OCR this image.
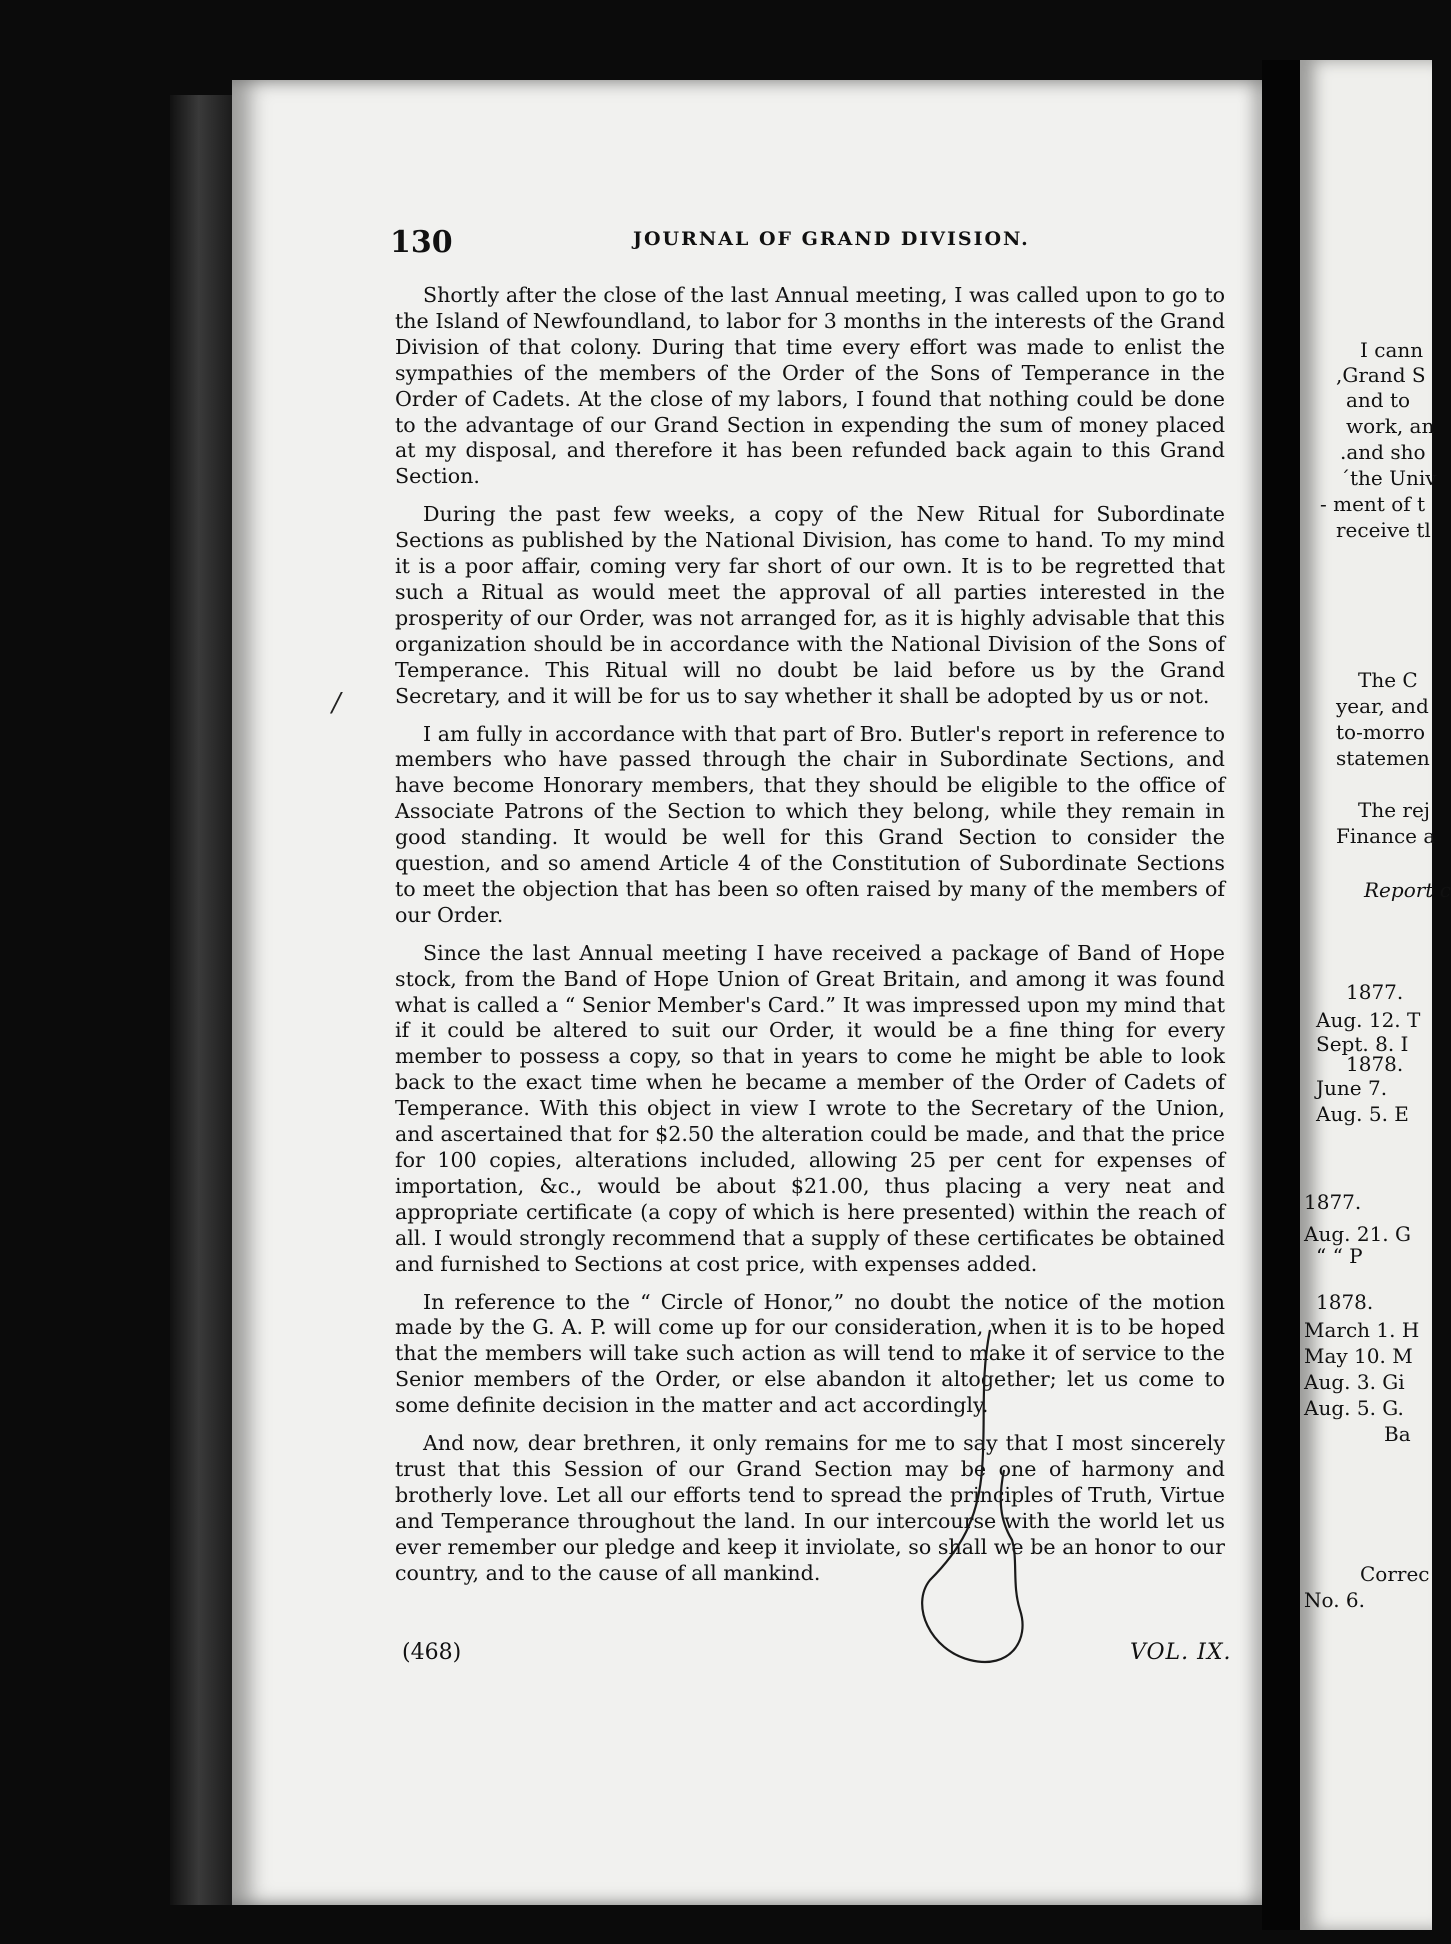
130	JOURNAL OF GRAND DIVISION.
/

Shortly after the close of the last Annual meeting, I was called upon to go to the Island of Newfoundland, to labor for 3 months in the interests of the Grand Division of that colony. During that time every effort was made to enlist the sympathies of the members of the Order of the Sons of Temperance in the Order of Cadets. At the close of my labors, I found that nothing could be done to the advantage of our Grand Section in expending the sum of money placed at my disposal, and therefore it has been refunded back again to this Grand Section.

During the past few weeks, a copy of the New Ritual for Subordinate Sections as published by the National Division, has come to hand. To my mind it is a poor affair, coming very far short of our own. It is to be regretted that such a Ritual as would meet the approval of all parties interested in the prosperity of our Order, was not arranged for, as it is highly advisable that this organization should be in accordance with the National Division of the Sons of Temperance. This Ritual will no doubt be laid before us by the Grand Secretary, and it will be for us to say whether it shall be adopted by us or not.

I am fully in accordance with that part of Bro. Butler's report in reference to members who have passed through the chair in Subordinate Sections, and have become Honorary members, that they should be eligible to the office of Associate Patrons of the Section to which they belong, while they remain in good standing. It would be well for this Grand Section to consider the question, and so amend Article 4 of the Constitution of Subordinate Sections to meet the objection that has been so often raised by many of the members of our Order.

Since the last Annual meeting I have received a package of Band of Hope stock, from the Band of Hope Union of Great Britain, and among it was found what is called a “ Senior Member's Card.” It was impressed upon my mind that if it could be altered to suit our Order, it would be a fine thing for every member to possess a copy, so that in years to come he might be able to look back to the exact time when he became a member of the Order of Cadets of Temperance. With this object in view I wrote to the Secretary of the Union, and ascertained that for $2.50 the alteration could be made, and that the price for 100 copies, alterations included, allowing 25 per cent for expenses of importation, &c., would be about $21.00, thus placing a very neat and appropriate certificate (a copy of which is here presented) within the reach of all. I would strongly recommend that a supply of these certificates be obtained and furnished to Sections at cost price, with expenses added.

In reference to the “ Circle of Honor,” no doubt the notice of the motion made by the G. A. P. will come up for our consideration, when it is to be hoped that the members will take such action as will tend to make it of service to the Senior members of the Order, or else abandon it altogether; let us come to some definite decision in the matter and act accordingly.

And now, dear brethren, it only remains for me to say that I most sincerely trust that this Session of our Grand Section may be one of harmony and brotherly love. Let all our efforts tend to spread the principles of Truth, Virtue and Temperance throughout the land. In our intercourse with the world let us ever remember our pledge and keep it inviolate, so shall we be an honor to our country, and to the cause of all mankind.

(468)	VOL. IX.
I cann
,Grand S
and to
work, an
.and sho
´the Univ
- ment of t
receive tl
The C
year, and
to-morro
statemen
The rej
Finance a
Report c
1877.
Aug. 12. T
Sept. 8. I
1878.
June 7.
Aug. 5. E
1877.
Aug. 21. G
“ “ P
1878.
March 1. H
May 10. M
Aug. 3. Gi
Aug. 5. G.
Ba
Correc
No. 6.
